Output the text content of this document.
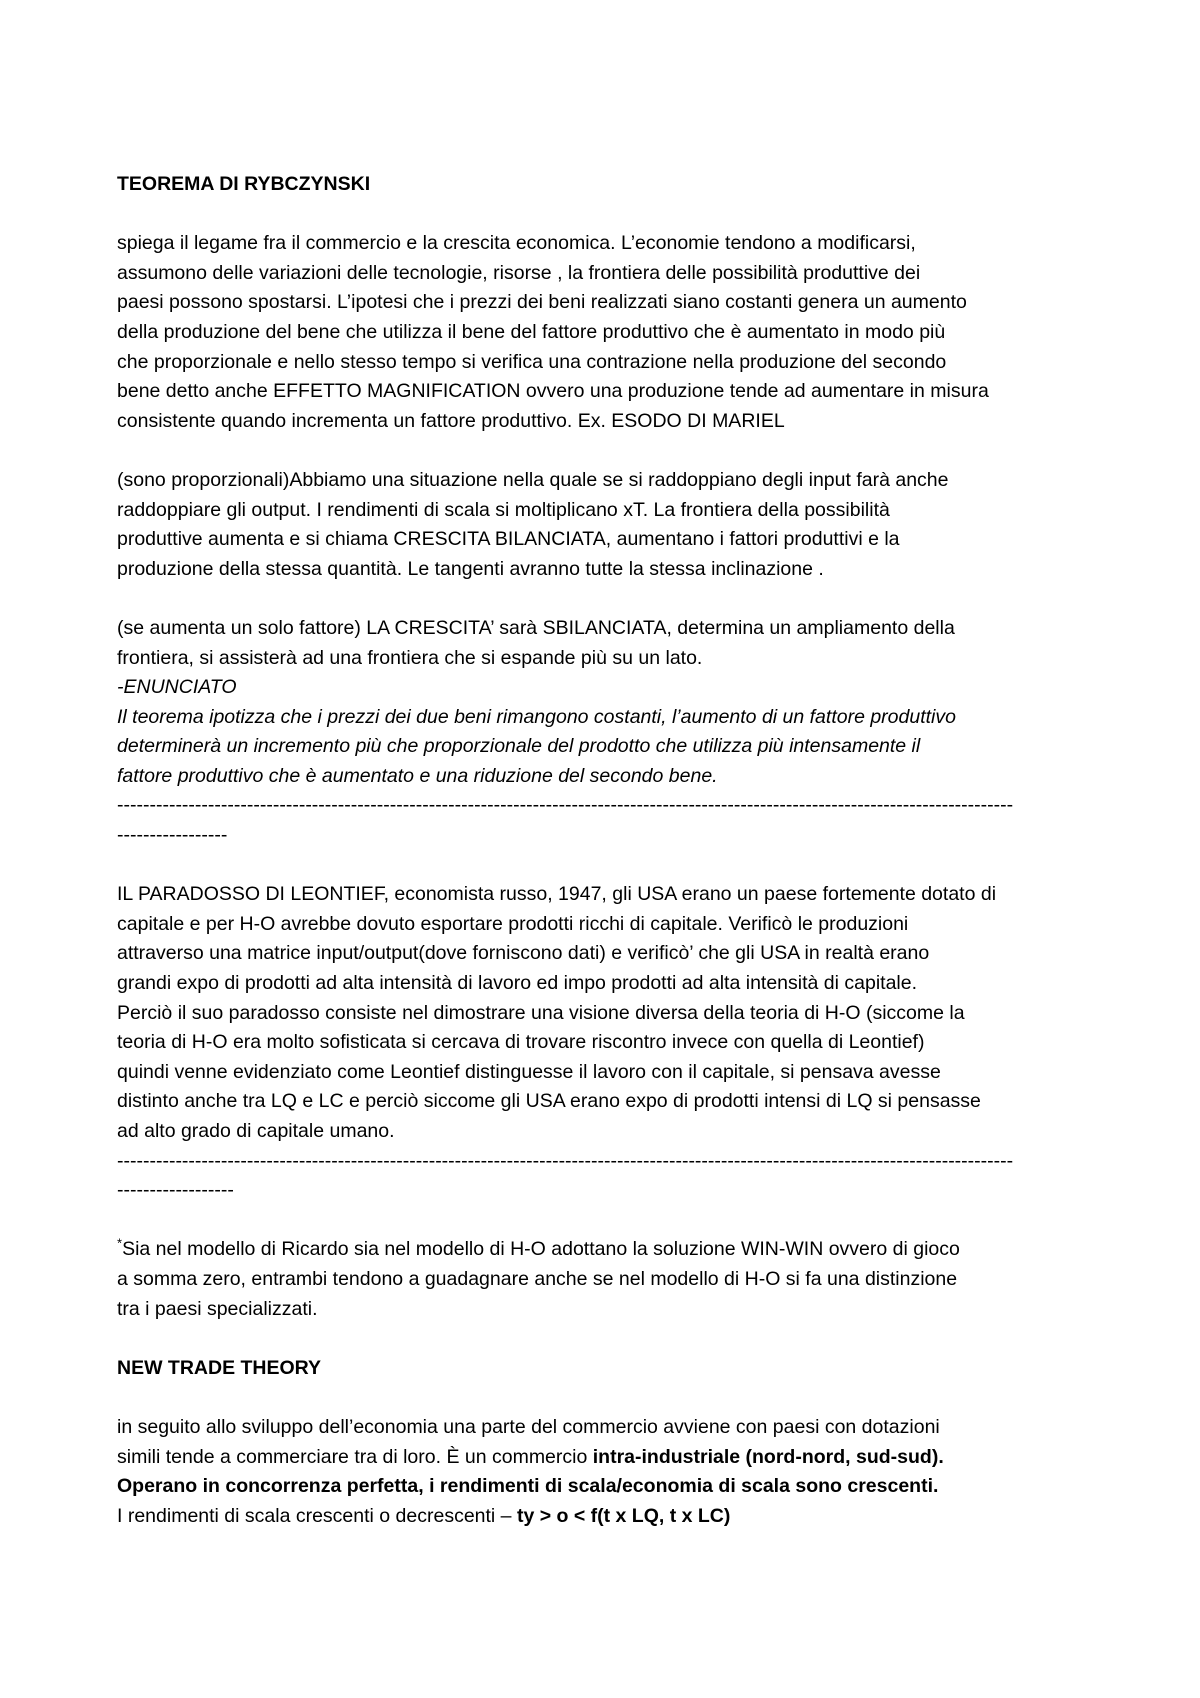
TEOREMA DI RYBCZYNSKI

spiega il legame fra il commercio e la crescita economica. L’economie tendono a modificarsi,

assumono delle variazioni delle tecnologie, risorse , la frontiera delle possibilità produttive dei

paesi possono spostarsi. L’ipotesi che i prezzi dei beni realizzati siano costanti genera un aumento

della produzione del bene che utilizza il bene del fattore produttivo che è aumentato in modo più

che proporzionale e nello stesso tempo si verifica una contrazione nella produzione del secondo

bene detto anche EFFETTO MAGNIFICATION ovvero una produzione tende ad aumentare in misura

consistente quando incrementa un fattore produttivo. Ex. ESODO DI MARIEL

(sono proporzionali)Abbiamo una situazione nella quale se si raddoppiano degli input farà anche

raddoppiare gli output. I rendimenti di scala si moltiplicano xT. La frontiera della possibilità

produttive aumenta e si chiama CRESCITA BILANCIATA, aumentano i fattori produttivi e la

produzione della stessa quantità. Le tangenti avranno tutte la stessa inclinazione .

(se aumenta un solo fattore) LA CRESCITA’ sarà SBILANCIATA, determina un ampliamento della

frontiera, si assisterà ad una frontiera che si espande più su un lato.

-ENUNCIATO

Il teorema ipotizza che i prezzi dei due beni rimangono costanti, l’aumento di un fattore produttivo

determinerà un incremento più che proporzionale del prodotto che utilizza più intensamente il

fattore produttivo che è aumentato e una riduzione del secondo bene.

------------------------------------------------------------------------------------------------------------------------------------------

-----------------

IL PARADOSSO DI LEONTIEF, economista russo, 1947, gli USA erano un paese fortemente dotato di

capitale e per H-O avrebbe dovuto esportare prodotti ricchi di capitale. Verificò le produzioni

attraverso una matrice input/output(dove forniscono dati) e verificò’ che gli USA in realtà erano

grandi expo di prodotti ad alta intensità di lavoro ed impo prodotti ad alta intensità di capitale.

Perciò il suo paradosso consiste nel dimostrare una visione diversa della teoria di H-O (siccome la

teoria di H-O era molto sofisticata si cercava di trovare riscontro invece con quella di Leontief)

quindi venne evidenziato come Leontief distinguesse il lavoro con il capitale, si pensava avesse

distinto anche tra LQ e LC e perciò siccome gli USA erano expo di prodotti intensi di LQ si pensasse

ad alto grado di capitale umano.

------------------------------------------------------------------------------------------------------------------------------------------

------------------

*Sia nel modello di Ricardo sia nel modello di H-O adottano la soluzione WIN-WIN ovvero di gioco

a somma zero, entrambi tendono a guadagnare anche se nel modello di H-O si fa una distinzione

tra i paesi specializzati.

NEW TRADE THEORY

in seguito allo sviluppo dell’economia una parte del commercio avviene con paesi con dotazioni

simili tende a commerciare tra di loro. È un commercio intra-industriale (nord-nord, sud-sud).

Operano in concorrenza perfetta, i rendimenti di scala/economia di scala sono crescenti.

I rendimenti di scala crescenti o decrescenti – ty > o < f(t x LQ, t x LC)
